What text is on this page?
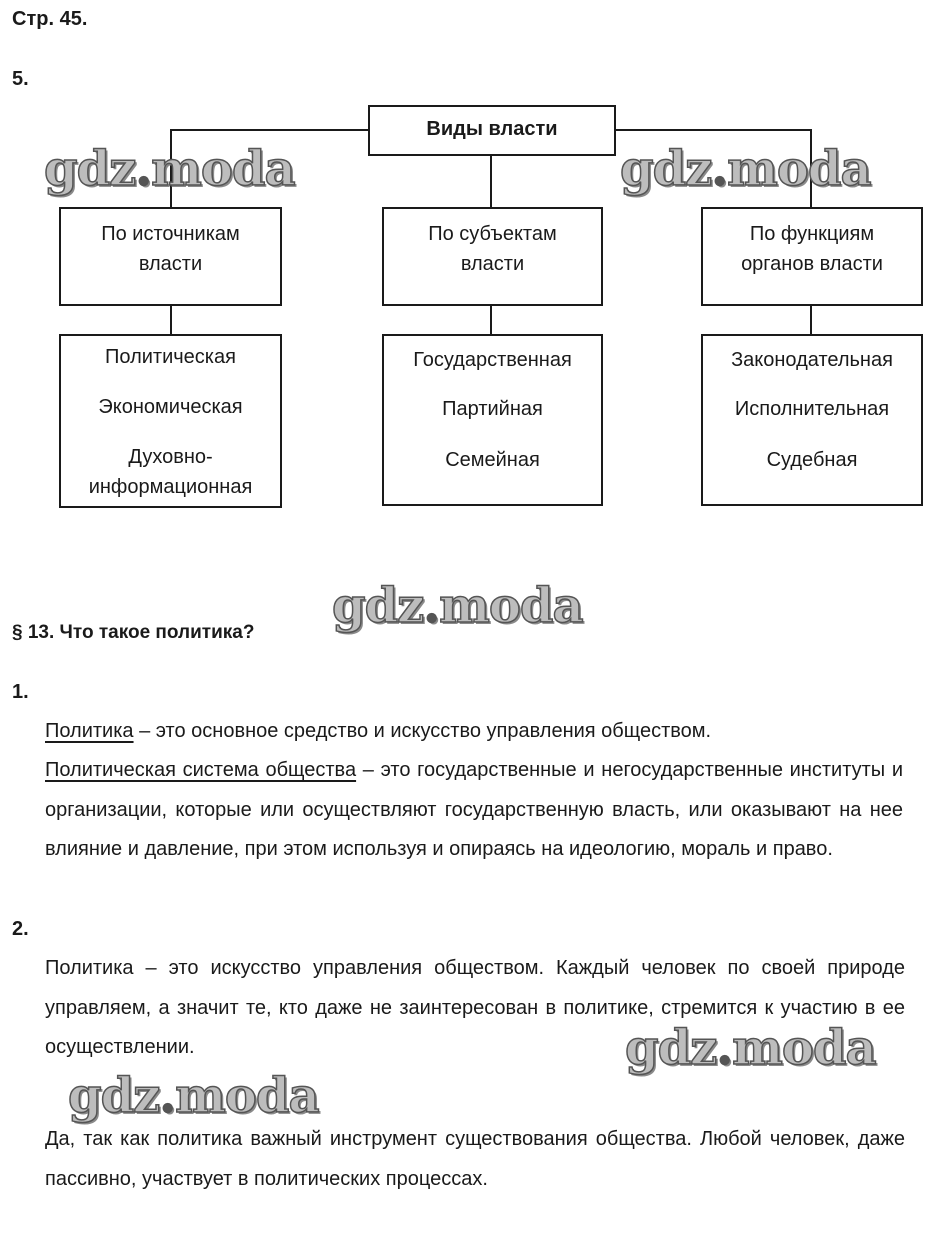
Стр. 45.
5.
Виды власти
По источникам
власти
По субъектам
власти
По функциям
органов власти
Политическая
Экономическая
Духовно-
информационная
Государственная
Партийная
Семейная
Законодательная
Исполнительная
Судебная
§ 13. Что такое политика?
1.
Политика – это основное средство и искусство управления обществом.
Политическая система общества – это государственные и негосударственные институты и организации, которые или осуществляют государственную власть, или оказывают на нее влияние и давление, при этом используя и опираясь на идеологию, мораль и право.
2.
Политика – это искусство управления обществом. Каждый человек по своей природе управляем, а значит те, кто даже не заинтересован в политике, стремится к участию в ее осуществлении.
Да, так как политика важный инструмент существования общества. Любой человек, даже пассивно, участвует в политических процессах.
gdz.moda	gdz.moda
gdz.moda
gdz.moda
gdz.moda
